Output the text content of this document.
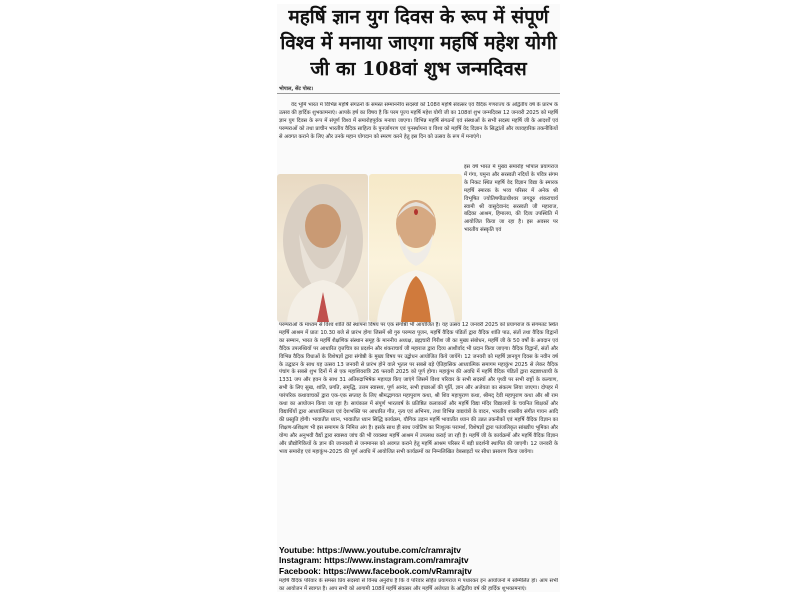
महर्षि ज्ञान युग दिवस के रूप में संपूर्ण
विश्व में मनाया जाएगा महर्षि महेश योगी
जी का 108वां शुभ जन्मदिवस
भोपाल, सेंट पोस्ट।

वेद भूमि भारत में विभिन्न महर्षि संगठनों के समस्त सम्माननीय सदस्यों को 108वें महर्षि संवत्सर एवं वैदिक गणराज्य के अद्वितीय वर्ष के प्रारंभ के उत्सव की हार्दिक शुभकामनाएं। आपके हर्ष का विषय है कि परम पूज्य महर्षि महेश योगी जी का 108वां शुभ जन्मदिवस 12 जनवरी 2025 को महर्षि ज्ञान युग दिवस के रूप में संपूर्ण विश्व में समारोहपूर्वक मनाया जाएगा। विभिन्न महर्षि संगठनों एवं संस्थाओं के सभी सदस्य महर्षि जी के आदर्शों एवं परम्पराओं को तथा प्राचीन भारतीय वैदिक साहित्य के पुनर्जागरण एवं पुनर्स्थापना व विश्व को महर्षि वेद विज्ञान के सिद्धांतों और व्यावहारिक तकनीकियों से अवगत कराने के लिए और उनके महान योगदान को स्मरण करने हेतु इस दिन को उत्सव के रूप में मनाएंगे।

इस वर्ष भारत में मुख्य समारोह भोपाल प्रयागराज में गंगा, यमुना और सरस्वती नदियों के पवित्र संगम के निकट स्थित महर्षि वेद विज्ञान विद्या के स्मारक महर्षि स्मारक के भव्य परिसर में अनेक श्री विभूषित ज्योतिषपीठाधीश्वर जगद्गुरु शंकराचार्य स्वामी श्री वासुदेवानंद सरस्वती जी महाराज, बद्रिका आश्रम, हिमालय, की दिव्य उपस्थिति में आयोजित किया जा रहा है। इस अवसर पर भारतीय संस्कृति एवं

परम्पराओं के माध्यम से विश्व शांति की स्थापना विषय पर एक संगोष्ठी भी आयोजित है। यह उत्सव 12 जनवरी 2025 को प्रयागराज के संगमतट स्थित महर्षि आश्रम में प्रातः 10.30 बजे से प्रारंभ होगा जिसमें श्री गुरु परम्परा पूजन, महर्षि वैदिक पंडितों द्वारा वैदिक शांति पाठ, संतों तथा वैदिक विद्वानों का सम्मान, भारत के महर्षि शैक्षणिक संस्थान समूह के माननीय अध्यक्ष, ब्रह्मचारी गिरीश जी का मुख्य संबोधन, महर्षि जी के 50 वर्षों के अवदान एवं वैदिक उपलब्धियों पर आधारित वृत्तचित्र का प्रदर्शन और शंकराचार्य जी महाराज द्वारा दिव्य आशीर्वाद भी प्रदान किया जाएगा। वैदिक विद्वानों, संतों और विभिन्न वैदिक विधाओं के विशेषज्ञों द्वारा संगोष्ठी के मुख्य विषय पर उद्बोधन आयोजित किये जायेंगे। 12 जनवरी को महर्षि ज्ञानयुग दिवस के नवीन वर्ष के उद्घाटन के साथ यह उत्सव 13 जनवरी से प्रारंभ होने वाले भूतल पर सबसे बड़े ऐतिहासिक आध्यात्मिक समागम महाकुंभ 2025 से लेकर वैदिक पंचांग के सबसे शुभ दिनों में से एक महाशिवरात्रि 26 फरवरी 2025 को पूर्ण होगा। महाकुंभ की अवधि में महर्षि वैदिक पंडितों द्वारा रुद्राष्टाध्यायी के 1331 जप और हवन के साथ 31 अतिरुद्राभिषेक महायज्ञ किए जाएंगे जिसमें विश्व परिवार के सभी सदस्यों और पृथ्वी पर सभी राष्ट्रों के कल्याण, सभी के लिए सुख, शांति, प्रगति, समृद्धि, उत्तम स्वास्थ्य, पूर्ण आनंद, सभी इच्छाओं की पूर्ति, ज्ञान और अजेयता का संकल्प लिया जाएगा। दोपहर में पारंपरिक कथावाचकों द्वारा एक-एक सप्ताह के लिए श्रीमद्भागवत महापुराण कथा, श्री शिव महापुराण कथा, श्रीमद् देवी महापुराण कथा और श्री राम कथा का आयोजन किया जा रहा है। सायंकाल में संपूर्ण भारतवर्ष के प्रतिष्ठित कलाकारों और महर्षि विद्या मंदिर विद्यालयों के चयनित शिक्षकों और विद्यार्थियों द्वारा आध्यात्मिकता एवं देशभक्ति पर आधारित गीत, नृत्य एवं अभिनय, तथा विभिन्न वाद्ययंत्रों के वादन, भारतीय शास्त्रीय संगीत गायन आदि की प्रस्तुति होगी। भावातीत ध्यान, भावातीत ध्यान सिद्धि कार्यक्रम, यौगिक उड़ान महर्षि भावातीत ध्यान की उन्नत तकनीकों एवं महर्षि वैदिक विज्ञान का शिक्षण-प्रशिक्षण भी इस समागम के निमित्त अंग है। इसके साथ ही साथ ज्योतिष का निःशुल्क परामर्श, विशेषज्ञों द्वारा पतंजलिकृत सांख्यीय भूमिका और योग्य और अनुभवी वैद्यों द्वारा स्वास्थ्य जांच की भी व्यवस्था महर्षि आश्रम में उपलब्ध कराई जा रही है। महर्षि जी के कार्यक्रमों और महर्षि वैदिक विज्ञान और प्रौद्योगिकियों के ज्ञान की जानकारी से जनमानस को अवगत कराने हेतु महर्षि आश्रम परिसर में बड़ी प्रदर्शनी स्थापित की जाएगी। 12 जनवरी के भव्य समारोह एवं महाकुंभ-2025 की पूर्ण अवधि में आयोजित सभी कार्यक्रमों का निम्नलिखित वेबसाइटों पर सीधा प्रसारण किया जायेगा।

Youtube: https://www.youtube.com/c/ramrajtv
Instagram: https://www.instagram.com/ramrajtv
Facebook: https://www.facebook.com/vRamrajtv

महर्षि वैदिक परिवार के समस्त प्रिय सदस्यों से विनम्र अनुरोध है कि वे परिवार सहित प्रयागराज में पधारकर इन आयोजनों में सम्मिलित हों। आप सभी का आयोजन में स्वागत है। आप सभी को आगामी 108वें महर्षि संवत्सर और महर्षि अजेयता के अद्वितीय वर्ष की हार्दिक शुभकामनाएं।
